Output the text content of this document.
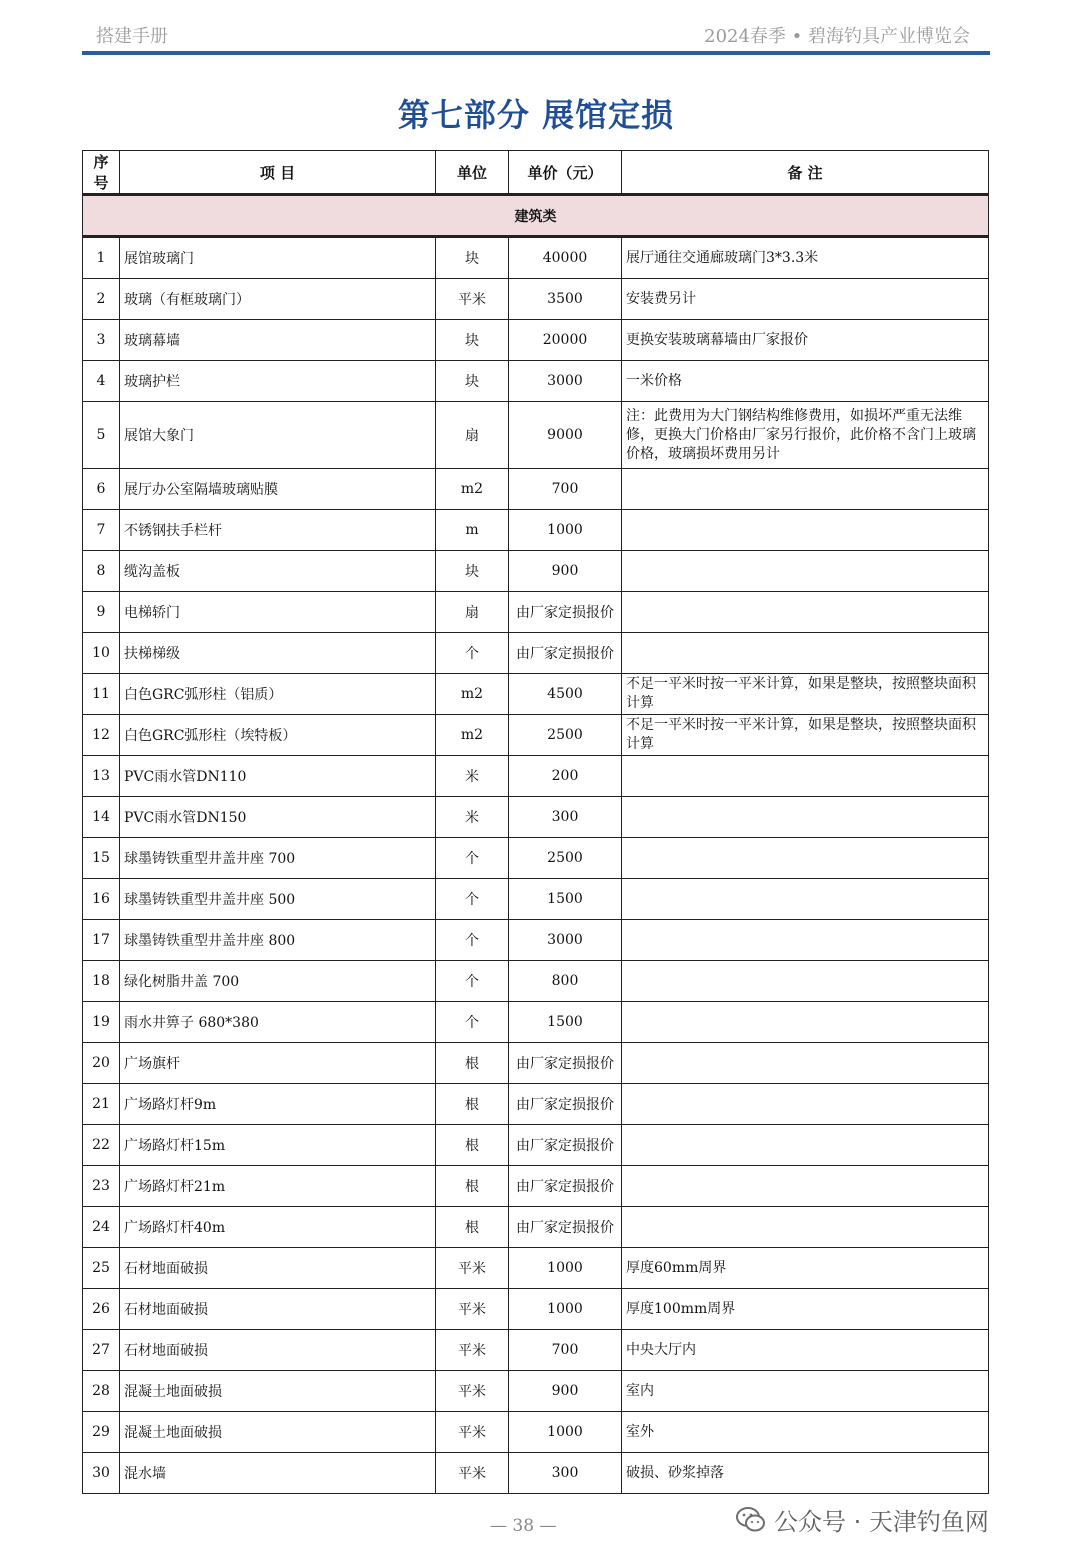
搭建手册	2024春季 • 碧海钓具产业博览会
第七部分 展馆定损
序号	项 目	单位	单价（元）	备 注
建筑类				
1	展馆玻璃门	块	40000	展厅通往交通廊玻璃门3*3.3米
2	玻璃（有框玻璃门）	平米	3500	安装费另计
3	玻璃幕墙	块	20000	更换安装玻璃幕墙由厂家报价
4	玻璃护栏	块	3000	一米价格
5	展馆大象门	扇	9000	注：此费用为大门钢结构维修费用，如损坏严重无法维修，更换大门价格由厂家另行报价，此价格不含门上玻璃价格，玻璃损坏费用另计
6	展厅办公室隔墙玻璃贴膜	m2	700	
7	不锈钢扶手栏杆	m	1000	
8	缆沟盖板	块	900	
9	电梯轿门	扇	由厂家定损报价	
10	扶梯梯级	个	由厂家定损报价	
11	白色GRC弧形柱（铝质）	m2	4500	不足一平米时按一平米计算，如果是整块，按照整块面积计算
12	白色GRC弧形柱（埃特板）	m2	2500	不足一平米时按一平米计算，如果是整块，按照整块面积计算
13	PVC雨水管DN110	米	200	
14	PVC雨水管DN150	米	300	
15	球墨铸铁重型井盖井座 700	个	2500	
16	球墨铸铁重型井盖井座 500	个	1500	
17	球墨铸铁重型井盖井座 800	个	3000	
18	绿化树脂井盖 700	个	800	
19	雨水井箅子 680*380	个	1500	
20	广场旗杆	根	由厂家定损报价	
21	广场路灯杆9m	根	由厂家定损报价	
22	广场路灯杆15m	根	由厂家定损报价	
23	广场路灯杆21m	根	由厂家定损报价	
24	广场路灯杆40m	根	由厂家定损报价	
25	石材地面破损	平米	1000	厚度60mm周界
26	石材地面破损	平米	1000	厚度100mm周界
27	石材地面破损	平米	700	中央大厅内
28	混凝土地面破损	平米	900	室内
29	混凝土地面破损	平米	1000	室外
30	混水墙	平米	300	破损、砂浆掉落
— 38 —	公众号 · 天津钓鱼网
